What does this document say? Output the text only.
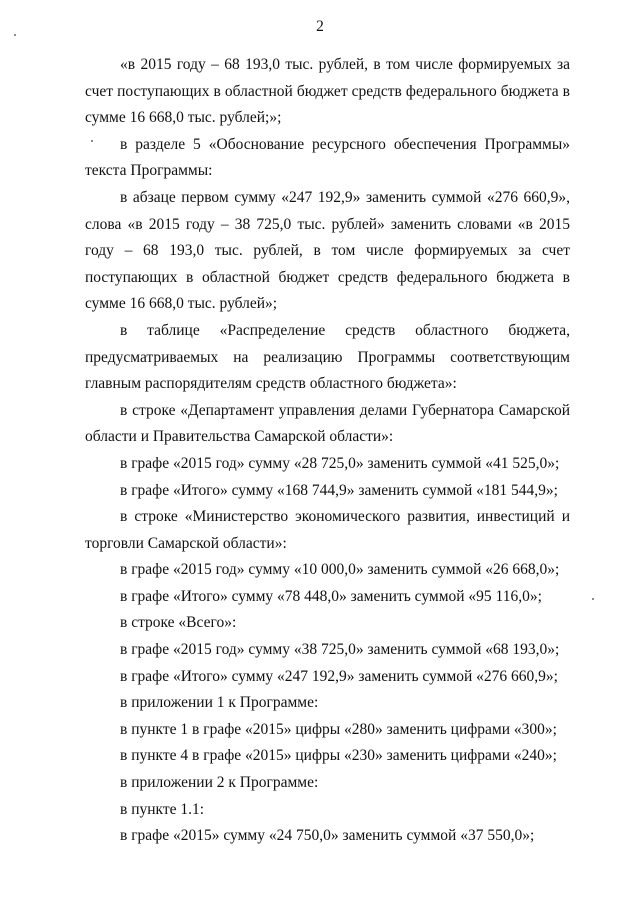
2

«в 2015 году – 68 193,0 тыс. рублей, в том числе формируемых за счет поступающих в областной бюджет средств федерального бюджета в сумме 16 668,0 тыс. рублей;»;

в разделе 5 «Обоснование ресурсного обеспечения Программы» текста Программы:

в абзаце первом сумму «247 192,9» заменить суммой «276 660,9», слова «в 2015 году – 38 725,0 тыс. рублей» заменить словами «в 2015 году – 68 193,0 тыс. рублей, в том числе формируемых за счет поступающих в областной бюджет средств федерального бюджета в сумме 16 668,0 тыс. рублей»;

в таблице «Распределение средств областного бюджета, предусматриваемых на реализацию Программы соответствующим главным распорядителям средств областного бюджета»:

в строке «Департамент управления делами Губернатора Самарской области и Правительства Самарской области»:

в графе «2015 год» сумму «28 725,0» заменить суммой «41 525,0»;

в графе «Итого» сумму «168 744,9» заменить суммой «181 544,9»;

в строке «Министерство экономического развития, инвестиций и торговли Самарской области»:

в графе «2015 год» сумму «10 000,0» заменить суммой «26 668,0»;

в графе «Итого» сумму «78 448,0» заменить суммой «95 116,0»;

в строке «Всего»:

в графе «2015 год» сумму «38 725,0» заменить суммой «68 193,0»;

в графе «Итого» сумму «247 192,9» заменить суммой «276 660,9»;

в приложении 1 к Программе:

в пункте 1 в графе «2015» цифры «280» заменить цифрами «300»;

в пункте 4 в графе «2015» цифры «230» заменить цифрами «240»;

в приложении 2 к Программе:

в пункте 1.1:

в графе «2015» сумму «24 750,0» заменить суммой «37 550,0»;
